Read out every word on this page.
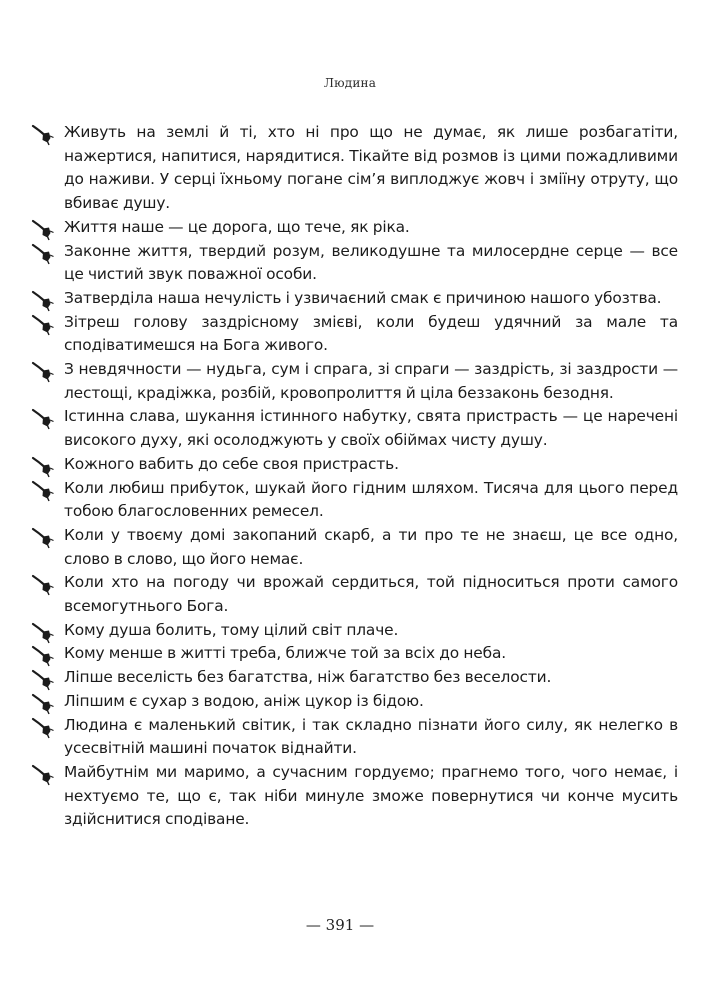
Людина
Живуть на землі й ті, хто ні про що не думає, як лише розбагатіти, нажертися, напитися, нарядитися. Тікайте від розмов із цими пожадливими до наживи. У серці їхньому погане сім’я виплоджує жовч і зміїну отруту, що вбиває душу.
Життя наше — це дорога, що тече, як ріка.
Законне життя, твердий розум, великодушне та милосердне серце — все це чистий звук поважної особи.
Затверділа наша нечулість і узвичаєний смак є причиною нашого убозтва.
Зітреш голову заздрісному змієві, коли будеш удячний за мале та сподіватимешся на Бога живого.
З невдячности — нудьга, сум і спрага, зі спраги — заздрість, зі заздрости — лестощі, крадіжка, розбій, кровопролиття й ціла беззаконь безодня.
Істинна слава, шукання істинного набутку, свята пристрасть — це наречені високого духу, які осолоджують у своїх обіймах чисту душу.
Кожного вабить до себе своя пристрасть.
Коли любиш прибуток, шукай його гідним шляхом. Тисяча для цього перед тобою благословенних ремесел.
Коли у твоєму домі закопаний скарб, а ти про те не знаєш, це все одно, слово в слово, що його немає.
Коли хто на погоду чи врожай сердиться, той підноситься проти самого всемогутнього Бога.
Кому душа болить, тому цілий світ плаче.
Кому менше в житті треба, ближче той за всіх до неба.
Ліпше веселість без багатства, ніж багатство без веселости.
Ліпшим є сухар з водою, аніж цукор із бідою.
Людина є маленький світик, і так складно пізнати його силу, як нелегко в усесвітній машині початок віднайти.
Майбутнім ми маримо, а сучасним гордуємо; прагнемо того, чого немає, і нехтуємо те, що є, так ніби минуле зможе повернутися чи конче мусить здійснитися сподіване.
— 391 —
